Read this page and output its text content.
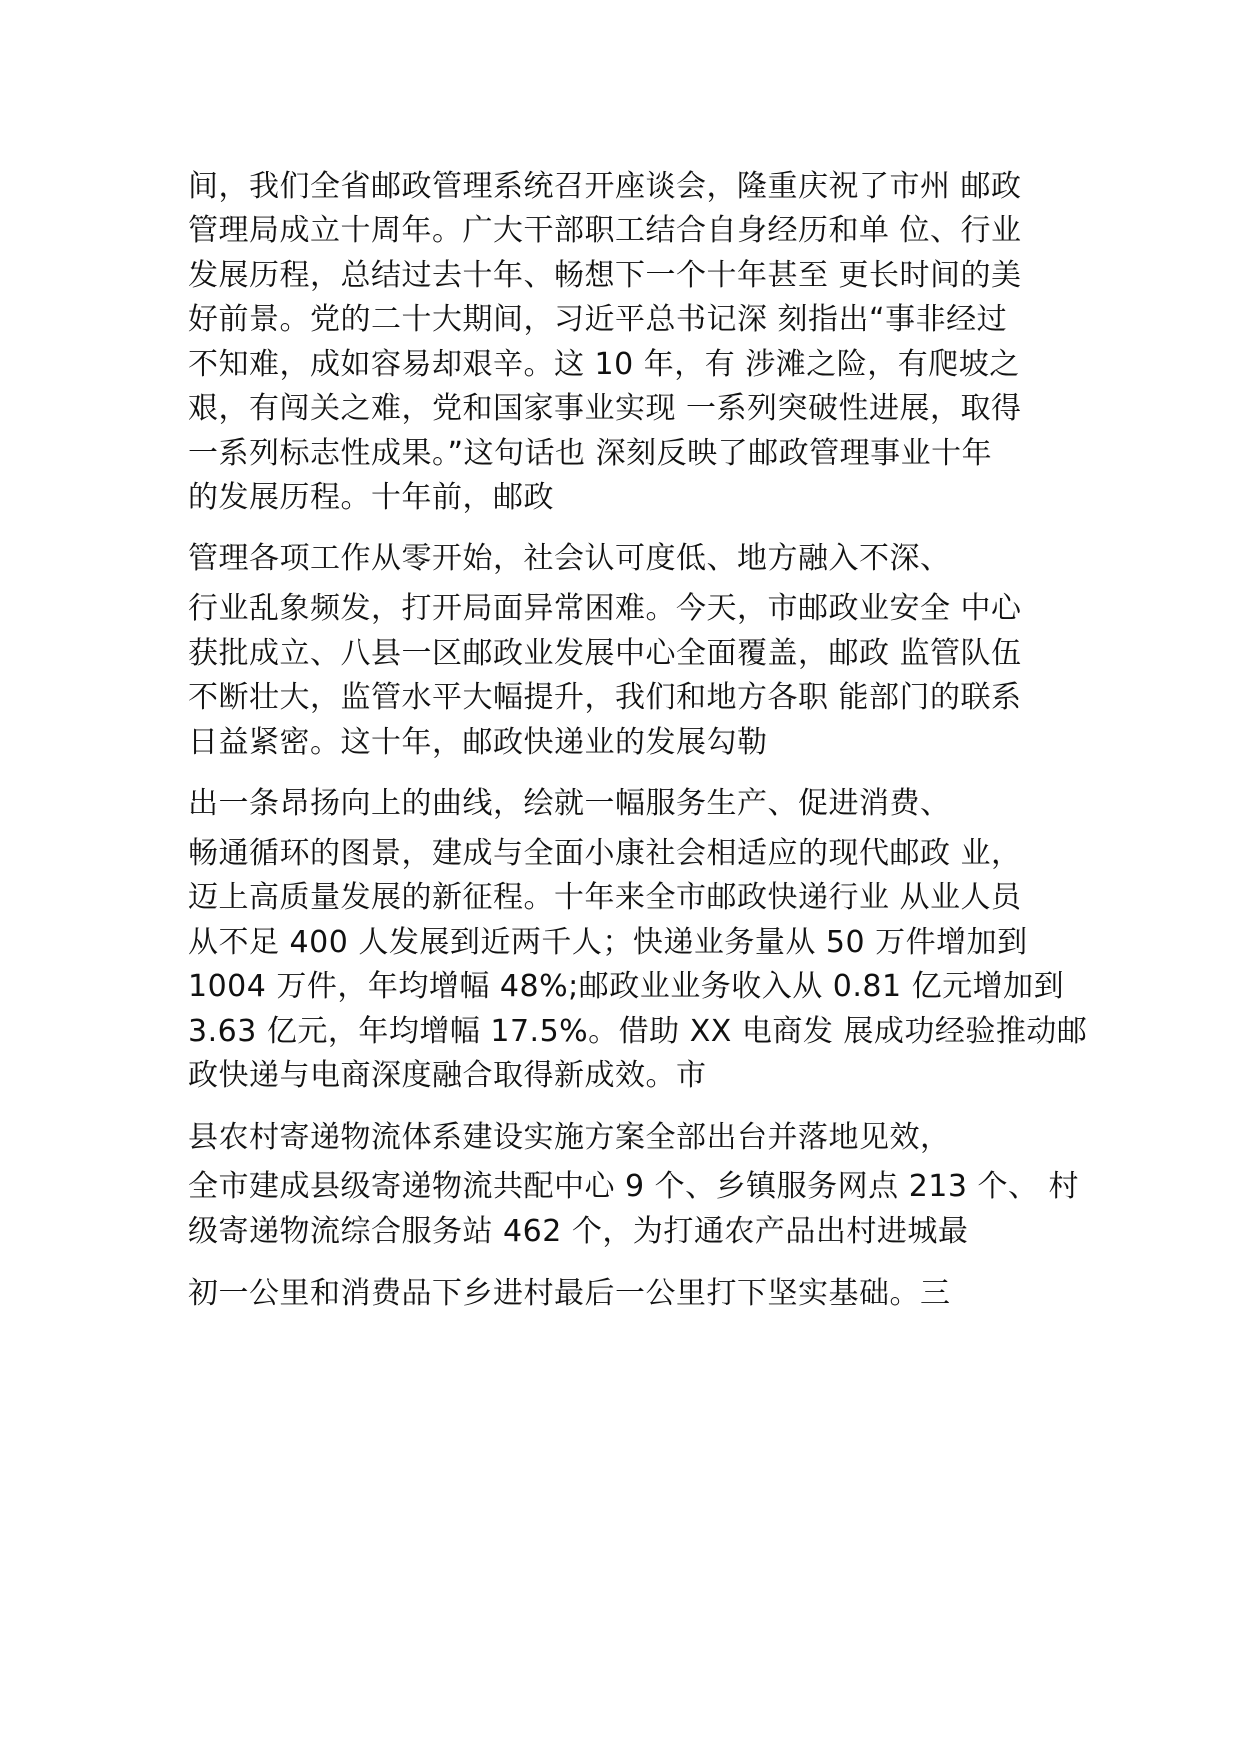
间，我们全省邮政管理系统召开座谈会，隆重庆祝了市州 邮政

管理局成立十周年。广大干部职工结合自身经历和单 位、行业

发展历程，总结过去十年、畅想下一个十年甚至 更长时间的美

好前景。党的二十大期间，习近平总书记深 刻指出“事非经过

不知难，成如容易却艰辛。这 10 年，有 涉滩之险，有爬坡之

艰，有闯关之难，党和国家事业实现 一系列突破性进展，取得

一系列标志性成果。”这句话也 深刻反映了邮政管理事业十年

的发展历程。十年前，邮政

管理各项工作从零开始，社会认可度低、地方融入不深、

行业乱象频发，打开局面异常困难。今天，市邮政业安全 中心

获批成立、八县一区邮政业发展中心全面覆盖，邮政 监管队伍

不断壮大，监管水平大幅提升，我们和地方各职 能部门的联系

日益紧密。这十年，邮政快递业的发展勾勒

出一条昂扬向上的曲线，绘就一幅服务生产、促进消费、

畅通循环的图景，建成与全面小康社会相适应的现代邮政 业，

迈上高质量发展的新征程。十年来全市邮政快递行业 从业人员

从不足 400 人发展到近两千人；快递业务量从 50 万件增加到

1004 万件，年均增幅 48%;邮政业业务收入从 0.81 亿元增加到

3.63 亿元，年均增幅 17.5%。借助 XX 电商发 展成功经验推动邮

政快递与电商深度融合取得新成效。市

县农村寄递物流体系建设实施方案全部出台并落地见效，

全市建成县级寄递物流共配中心 9 个、乡镇服务网点 213 个、 村

级寄递物流综合服务站 462 个，为打通农产品出村进城最

初一公里和消费品下乡进村最后一公里打下坚实基础。三
